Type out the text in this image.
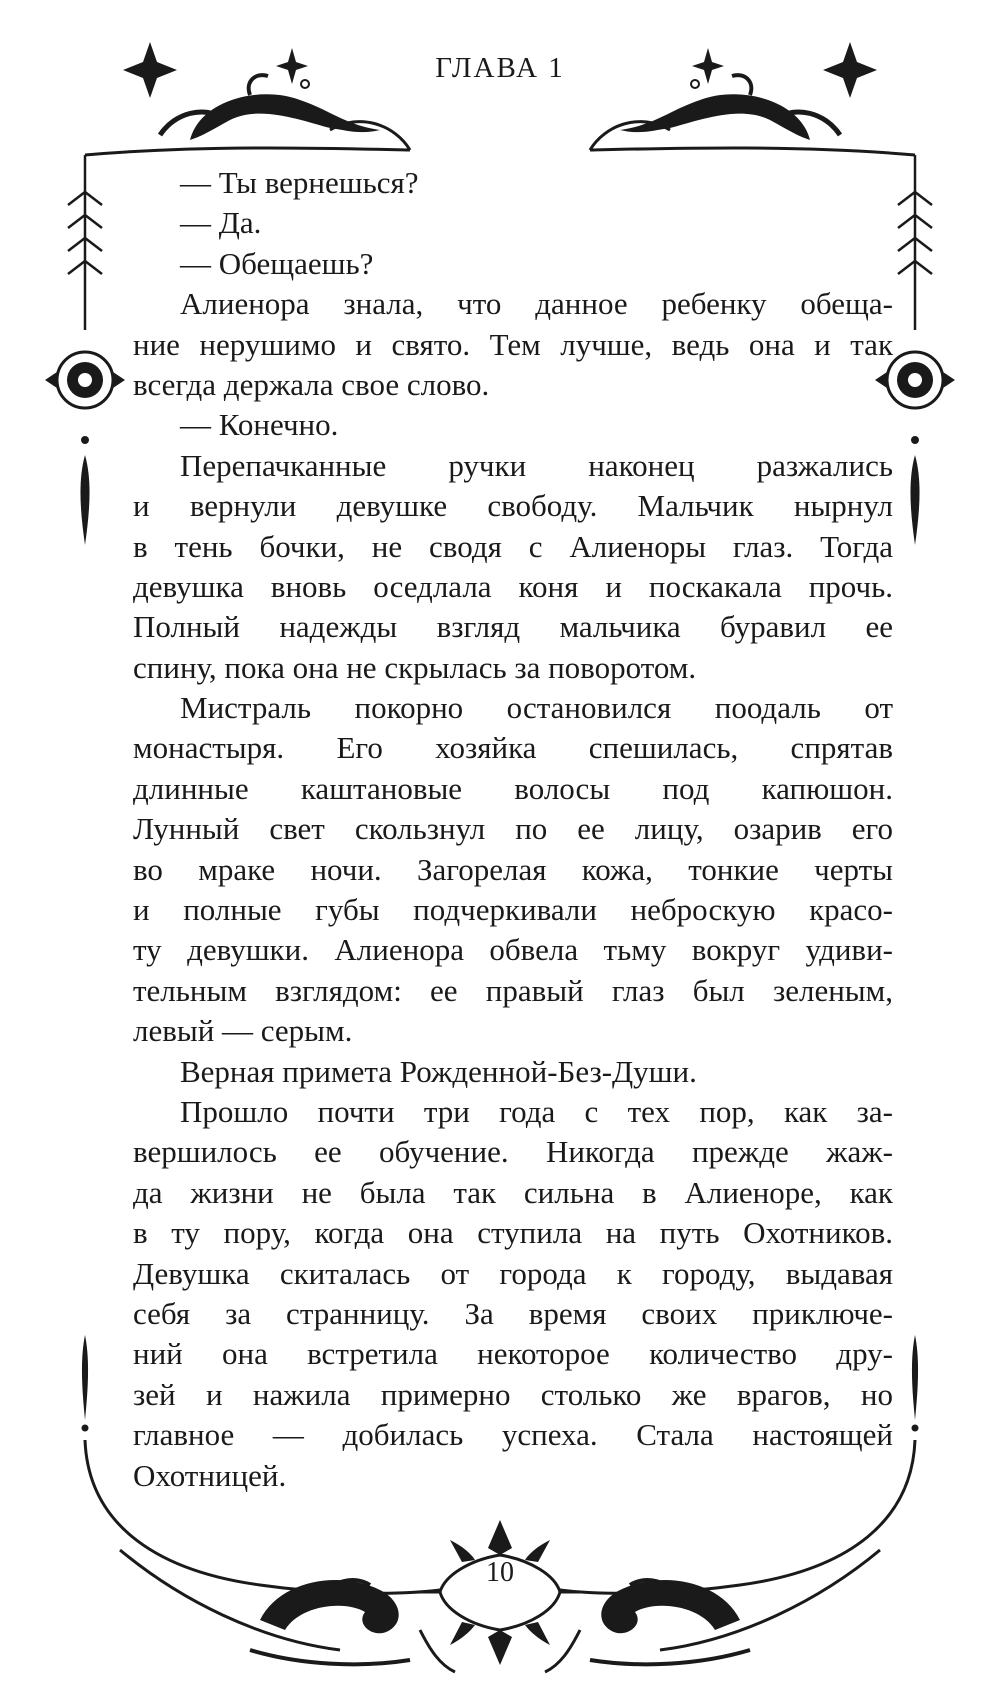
ГЛАВА 1
— Ты вернешься?
— Да.
— Обещаешь?
Алиенора знала, что данное ребенку обеща-
ние нерушимо и свято. Тем лучше, ведь она и так
всегда держала свое слово.
— Конечно.
Перепачканные ручки наконец разжались
и вернули девушке свободу. Мальчик нырнул
в тень бочки, не сводя с Алиеноры глаз. Тогда
девушка вновь оседлала коня и поскакала прочь.
Полный надежды взгляд мальчика буравил ее
спину, пока она не скрылась за поворотом.
Мистраль покорно остановился поодаль от
монастыря. Его хозяйка спешилась, спрятав
длинные каштановые волосы под капюшон.
Лунный свет скользнул по ее лицу, озарив его
во мраке ночи. Загорелая кожа, тонкие черты
и полные губы подчеркивали неброскую красо-
ту девушки. Алиенора обвела тьму вокруг удиви-
тельным взглядом: ее правый глаз был зеленым,
левый — серым.
Верная примета Рожденной-Без-Души.
Прошло почти три года с тех пор, как за-
вершилось ее обучение. Никогда прежде жаж-
да жизни не была так сильна в Алиеноре, как
в ту пору, когда она ступила на путь Охотников.
Девушка скиталась от города к городу, выдавая
себя за странницу. За время своих приключе-
ний она встретила некоторое количество дру-
зей и нажила примерно столько же врагов, но
главное — добилась успеха. Стала настоящей
Охотницей.
10
